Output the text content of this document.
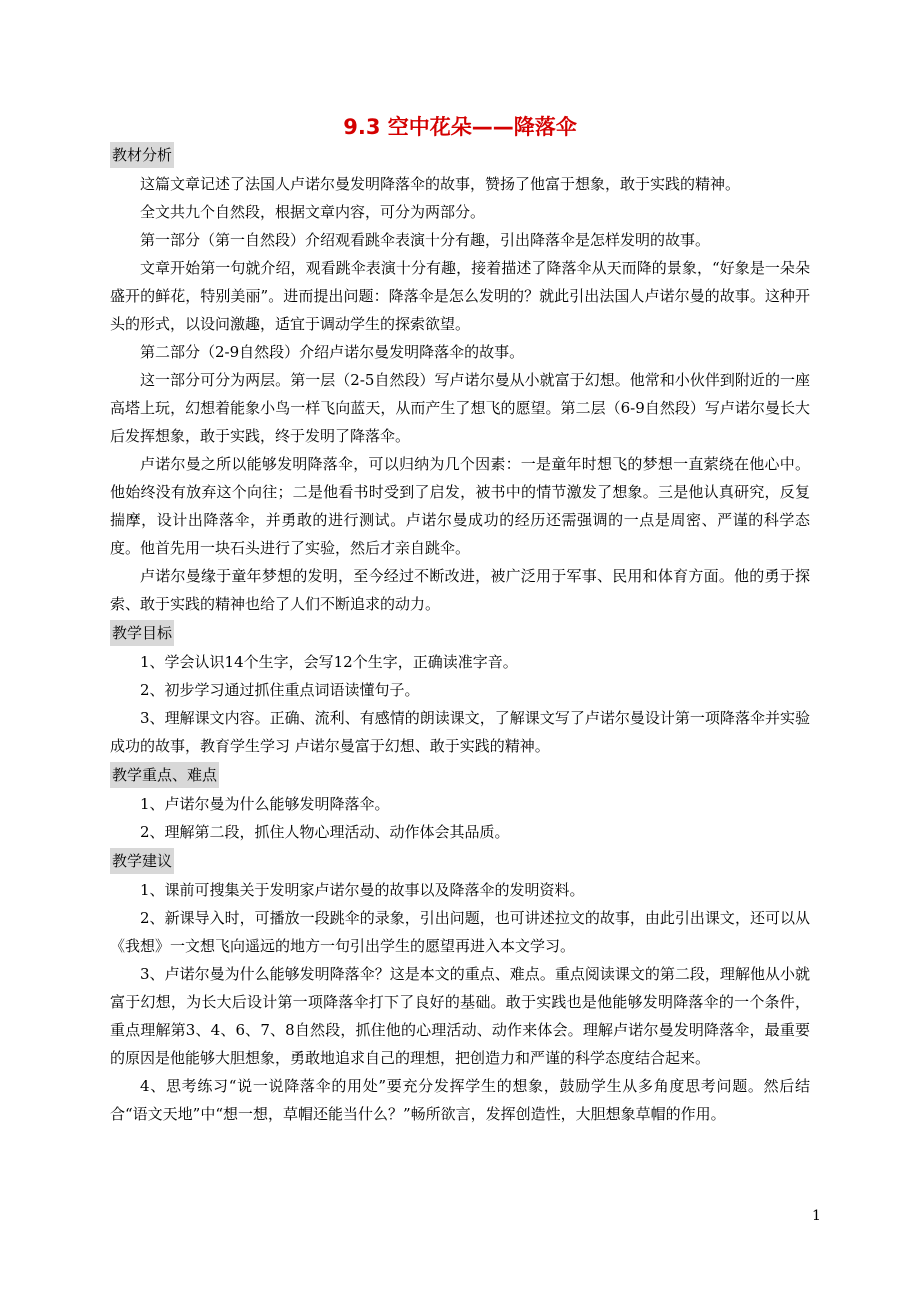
9.3 空中花朵——降落伞
教材分析

这篇文章记述了法国人卢诺尔曼发明降落伞的故事，赞扬了他富于想象，敢于实践的精神。

全文共九个自然段，根据文章内容，可分为两部分。

第一部分（第一自然段）介绍观看跳伞表演十分有趣，引出降落伞是怎样发明的故事。

文章开始第一句就介绍，观看跳伞表演十分有趣，接着描述了降落伞从天而降的景象，“好象是一朵朵盛开的鲜花，特别美丽”。进而提出问题：降落伞是怎么发明的？就此引出法国人卢诺尔曼的故事。这种开头的形式，以设问激趣，适宜于调动学生的探索欲望。

第二部分（2-9自然段）介绍卢诺尔曼发明降落伞的故事。

这一部分可分为两层。第一层（2-5自然段）写卢诺尔曼从小就富于幻想。他常和小伙伴到附近的一座高塔上玩，幻想着能象小鸟一样飞向蓝天，从而产生了想飞的愿望。第二层（6-9自然段）写卢诺尔曼长大后发挥想象，敢于实践，终于发明了降落伞。

卢诺尔曼之所以能够发明降落伞，可以归纳为几个因素：一是童年时想飞的梦想一直萦绕在他心中。他始终没有放弃这个向往；二是他看书时受到了启发，被书中的情节激发了想象。三是他认真研究，反复揣摩，设计出降落伞，并勇敢的进行测试。卢诺尔曼成功的经历还需强调的一点是周密、严谨的科学态度。他首先用一块石头进行了实验，然后才亲自跳伞。

卢诺尔曼缘于童年梦想的发明，至今经过不断改进，被广泛用于军事、民用和体育方面。他的勇于探索、敢于实践的精神也给了人们不断追求的动力。

教学目标

1、学会认识14个生字，会写12个生字，正确读准字音。

2、初步学习通过抓住重点词语读懂句子。

3、理解课文内容。正确、流利、有感情的朗读课文，了解课文写了卢诺尔曼设计第一项降落伞并实验成功的故事，教育学生学习 卢诺尔曼富于幻想、敢于实践的精神。

教学重点、难点

1、卢诺尔曼为什么能够发明降落伞。

2、理解第二段，抓住人物心理活动、动作体会其品质。

教学建议

1、课前可搜集关于发明家卢诺尔曼的故事以及降落伞的发明资料。

2、新课导入时，可播放一段跳伞的录象，引出问题，也可讲述拉文的故事，由此引出课文，还可以从《我想》一文想飞向遥远的地方一句引出学生的愿望再进入本文学习。

3、卢诺尔曼为什么能够发明降落伞？这是本文的重点、难点。重点阅读课文的第二段，理解他从小就富于幻想，为长大后设计第一项降落伞打下了良好的基础。敢于实践也是他能够发明降落伞的一个条件，重点理解第3、4、6、7、8自然段，抓住他的心理活动、动作来体会。理解卢诺尔曼发明降落伞，最重要的原因是他能够大胆想象，勇敢地追求自己的理想，把创造力和严谨的科学态度结合起来。

4、思考练习“说一说降落伞的用处”要充分发挥学生的想象，鼓励学生从多角度思考问题。然后结合“语文天地”中“想一想，草帽还能当什么？”畅所欲言，发挥创造性，大胆想象草帽的作用。

1
